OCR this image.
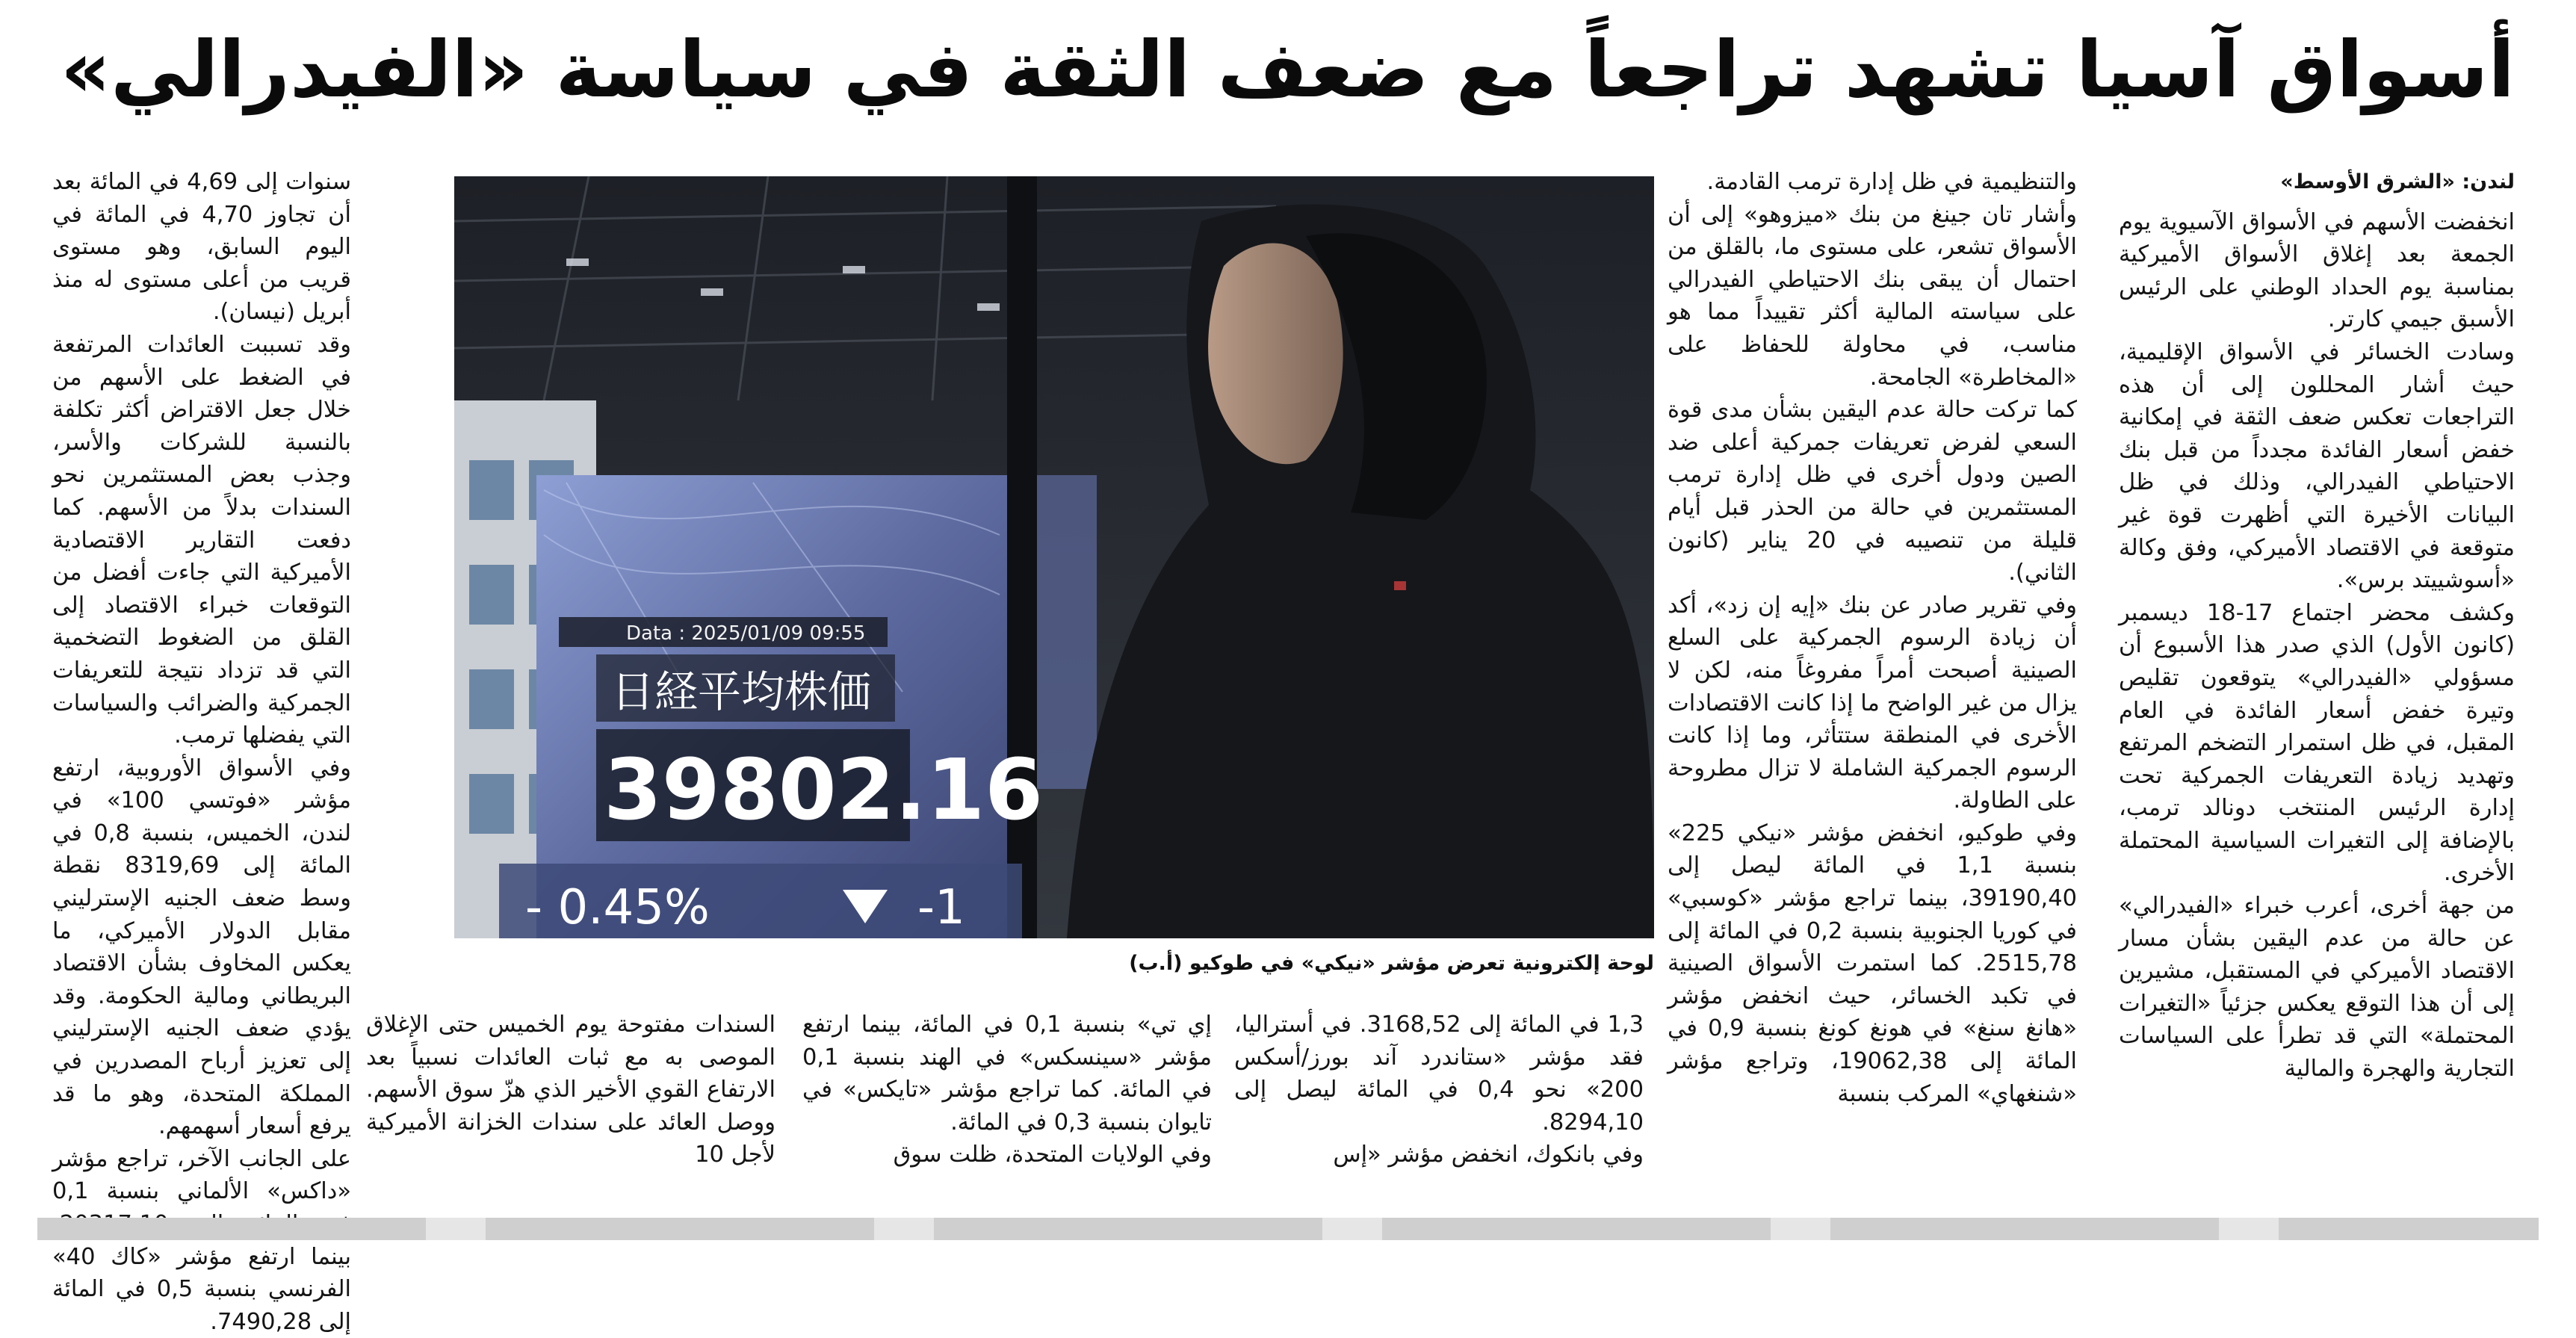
أسواق آسيا تشهد تراجعاً مع ضعف الثقة في سياسة «الفيدرالي»

لندن: «الشرق الأوسط»

انخفضت الأسهم في الأسواق الآسيوية يوم الجمعة بعد إغلاق الأسواق الأميركية بمناسبة يوم الحداد الوطني على الرئيس الأسبق جيمي كارتر.

وسادت الخسائر في الأسواق الإقليمية، حيث أشار المحللون إلى أن هذه التراجعات تعكس ضعف الثقة في إمكانية خفض أسعار الفائدة مجدداً من قبل بنك الاحتياطي الفيدرالي، وذلك في ظل البيانات الأخيرة التي أظهرت قوة غير متوقعة في الاقتصاد الأميركي، وفق وكالة «أسوشييتد برس».

وكشف محضر اجتماع 17-18 ديسمبر (كانون الأول) الذي صدر هذا الأسبوع أن مسؤولي «الفيدرالي» يتوقعون تقليص وتيرة خفض أسعار الفائدة في العام المقبل، في ظل استمرار التضخم المرتفع وتهديد زيادة التعريفات الجمركية تحت إدارة الرئيس المنتخب دونالد ترمب، بالإضافة إلى التغيرات السياسية المحتملة الأخرى.

من جهة أخرى، أعرب خبراء «الفيدرالي» عن حالة من عدم اليقين بشأن مسار الاقتصاد الأميركي في المستقبل، مشيرين إلى أن هذا التوقع يعكس جزئياً «التغيرات المحتملة» التي قد تطرأ على السياسات التجارية والهجرة والمالية

والتنظيمية في ظل إدارة ترمب القادمة.

وأشار تان جينغ من بنك «ميزوهو» إلى أن الأسواق تشعر، على مستوى ما، بالقلق من احتمال أن يبقى بنك الاحتياطي الفيدرالي على سياسته المالية أكثر تقييداً مما هو مناسب، في محاولة للحفاظ على «المخاطرة» الجامحة.

كما تركت حالة عدم اليقين بشأن مدى قوة السعي لفرض تعريفات جمركية أعلى ضد الصين ودول أخرى في ظل إدارة ترمب المستثمرين في حالة من الحذر قبل أيام قليلة من تنصيبه في 20 يناير (كانون الثاني).

وفي تقرير صادر عن بنك «إيه إن زد»، أكد أن زيادة الرسوم الجمركية على السلع الصينية أصبحت أمراً مفروغاً منه، لكن لا يزال من غير الواضح ما إذا كانت الاقتصادات الأخرى في المنطقة ستتأثر، وما إذا كانت الرسوم الجمركية الشاملة لا تزال مطروحة على الطاولة.

وفي طوكيو، انخفض مؤشر «نيكي 225» بنسبة 1,1 في المائة ليصل إلى 39190,40، بينما تراجع مؤشر «كوسبي» في كوريا الجنوبية بنسبة 0,2 في المائة إلى 2515,78. كما استمرت الأسواق الصينية في تكبد الخسائر، حيث انخفض مؤشر «هانغ سنغ» في هونغ كونغ بنسبة 0,9 في المائة إلى 19062,38، وتراجع مؤشر «شنغهاي» المركب بنسبة

Data : 2025/01/09 09:55
日経平均株価
39802.16
- 0.45%	-1
لوحة إلكترونية تعرض مؤشر «نيكي» في طوكيو (أ.ب)

1,3 في المائة إلى 3168,52. في أستراليا، فقد مؤشر «ستاندرد آند بورز/أسكس 200» نحو 0,4 في المائة ليصل إلى 8294,10.

وفي بانكوك، انخفض مؤشر «إس

إي تي» بنسبة 0,1 في المائة، بينما ارتفع مؤشر «سينسكس» في الهند بنسبة 0,1 في المائة. كما تراجع مؤشر «تايكس» في تايوان بنسبة 0,3 في المائة.

وفي الولايات المتحدة، ظلت سوق

السندات مفتوحة يوم الخميس حتى الإغلاق الموصى به مع ثبات العائدات نسبياً بعد الارتفاع القوي الأخير الذي هزّ سوق الأسهم. ووصل العائد على سندات الخزانة الأميركية لأجل 10

سنوات إلى 4,69 في المائة بعد أن تجاوز 4,70 في المائة في اليوم السابق، وهو مستوى قريب من أعلى مستوى له منذ أبريل (نيسان).

وقد تسببت العائدات المرتفعة في الضغط على الأسهم من خلال جعل الاقتراض أكثر تكلفة بالنسبة للشركات والأسر، وجذب بعض المستثمرين نحو السندات بدلاً من الأسهم. كما دفعت التقارير الاقتصادية الأميركية التي جاءت أفضل من التوقعات خبراء الاقتصاد إلى القلق من الضغوط التضخمية التي قد تزداد نتيجة للتعريفات الجمركية والضرائب والسياسات التي يفضلها ترمب.

وفي الأسواق الأوروبية، ارتفع مؤشر «فوتسي 100» في لندن، الخميس، بنسبة 0,8 في المائة إلى 8319,69 نقطة وسط ضعف الجنيه الإسترليني مقابل الدولار الأميركي، ما يعكس المخاوف بشأن الاقتصاد البريطاني ومالية الحكومة. وقد يؤدي ضعف الجنيه الإسترليني إلى تعزيز أرباح المصدرين في المملكة المتحدة، وهو ما قد يرفع أسعار أسهمهم.

على الجانب الآخر، تراجع مؤشر «داكس» الألماني بنسبة 0,1 بينما ارتفع مؤشر «كاك 40» الفرنسي بنسبة 0,5 في المائة إلى 7490,28.
